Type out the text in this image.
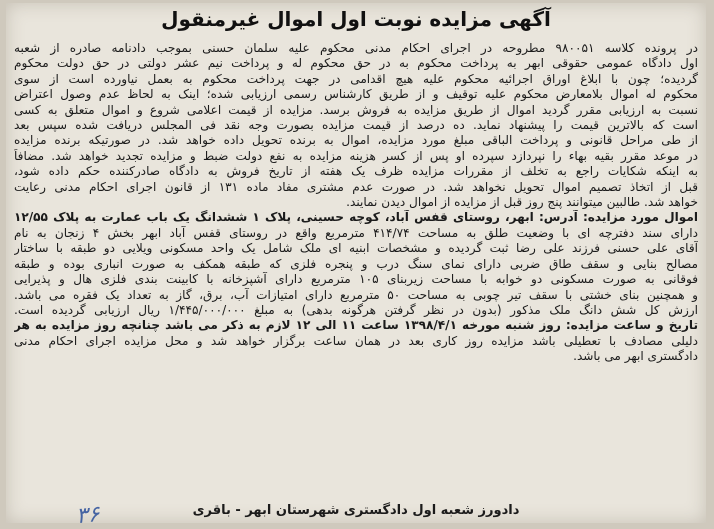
آگهی مزایده نوبت اول اموال غیرمنقول
در پرونده کلاسه ۹۸۰۰۵۱ مطروحه در اجرای احکام مدنی محکوم علیه سلمان حسنی بموجب دادنامه صادره از شعبه
اول دادگاه عمومی حقوقی ابهر به پرداخت محکوم به در حق محکوم له و پرداخت نیم عشر دولتی در حق دولت محکوم
گردیده؛ چون با ابلاغ اوراق اجرائیه محکوم علیه هیچ اقدامی در جهت پرداخت محکوم به بعمل نیاورده است از سوی
محکوم له اموال بلامعارض محکوم علیه توقیف و از طریق کارشناس رسمی ارزیابی شده؛ اینک به لحاظ عدم وصول اعتراض
نسبت به ارزیابی مقرر گردید اموال از طریق مزایده به فروش برسد. مزایده از قیمت اعلامی شروع و اموال متعلق به کسی
است که بالاترین قیمت را پیشنهاد نماید. ده درصد از قیمت مزایده بصورت وجه نقد فی المجلس دریافت شده سپس بعد
از طی مراحل قانونی و پرداخت الباقی مبلغ مورد مزایده، اموال به برنده تحویل داده خواهد شد. در صورتیکه برنده مزایده
در موعد مقرر بقیه بهاء را نپردازد سپرده او پس از کسر هزینه مزایده به نفع دولت ضبط و مزایده تجدید خواهد شد. مضافاً
به اینکه شکایات راجع به تخلف از مقررات مزایده ظرف یک هفته از تاریخ فروش به دادگاه صادرکننده حکم داده شود،
قبل از اتخاذ تصمیم اموال تحویل نخواهد شد. در صورت عدم مشتری مفاد ماده ۱۳۱ از قانون اجرای احکام مدنی رعایت
خواهد شد. طالبین میتوانند پنج روز قبل از مزایده از اموال دیدن نمایند.
اموال مورد مزایده: آدرس: ابهر، روستای قفس آباد، کوچه حسینی، پلاک ۱ ششدانگ یک باب عمارت به پلاک ۱۲/۵۵
دارای سند دفترچه ای با وضعیت طلق به مساحت ۴۱۴/۷۴ مترمربع واقع در روستای قفس آباد ابهر بخش ۴ زنجان به نام
آقای علی حسنی فرزند علی رضا ثبت گردیده و مشخصات ابنیه ای ملک شامل یک واحد مسکونی ویلایی دو طبقه با ساختار
مصالح بنایی و سقف طاق ضربی دارای نمای سنگ درب و پنجره فلزی که طبقه همکف به صورت انباری بوده و طبقه
فوقانی به صورت مسکونی دو خوابه با مساحت زیربنای ۱۰۵ مترمربع دارای آشپزخانه با کابینت بندی فلزی هال و پذیرایی
و همچنین بنای خشتی با سقف تیر چوبی به مساحت ۵۰ مترمربع دارای امتیازات آب، برق، گاز به تعداد یک فقره می باشد.
ارزش کل شش دانگ ملک مذکور (بدون در نظر گرفتن هرگونه بدهی) به مبلغ ۱/۴۴۵/۰۰۰/۰۰۰ ریال ارزیابی گردیده است.
تاریخ و ساعت مزایده: روز شنبه مورخه ۱۳۹۸/۴/۱ ساعت ۱۱ الی ۱۲ لازم به ذکر می باشد چنانچه روز مزایده به هر
دلیلی مصادف با تعطیلی باشد مزایده روز کاری بعد در همان ساعت برگزار خواهد شد و محل مزایده اجرای احکام مدنی
دادگستری ابهر می باشد.
دادورز شعبه اول دادگستری شهرستان ابهر - باقری
۳۶
